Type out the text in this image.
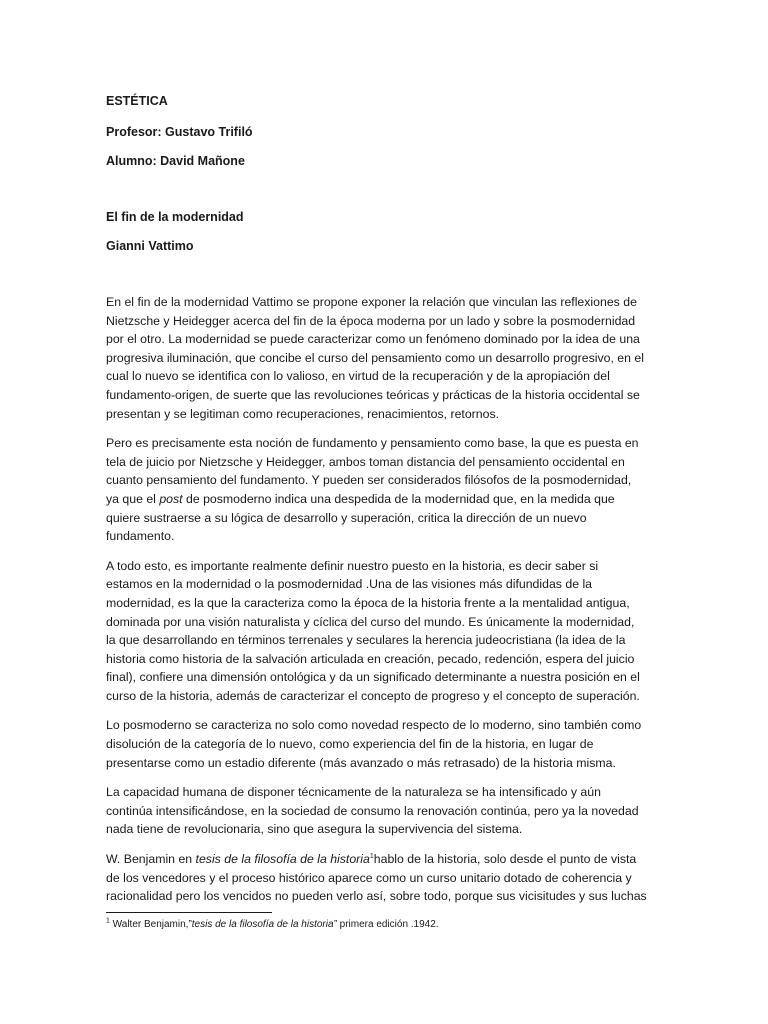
ESTÉTICA

Profesor: Gustavo Trifiló

Alumno: David Mañone

El fin de la modernidad

Gianni Vattimo

En el fin de la modernidad Vattimo se propone exponer la relación que vinculan las reflexiones de
Nietzsche y Heidegger acerca del fin de la época moderna por un lado y sobre la posmodernidad
por el otro. La modernidad se puede caracterizar como un fenómeno dominado por la idea de una
progresiva iluminación, que concibe el curso del pensamiento como un desarrollo progresivo, en el
cual lo nuevo se identifica con lo valioso, en virtud de la recuperación y de la apropiación del
fundamento-origen, de suerte que las revoluciones teóricas y prácticas de la historia occidental se
presentan y se legitiman como recuperaciones, renacimientos, retornos.

Pero es precisamente esta noción de fundamento y pensamiento como base, la que es puesta en
tela de juicio por Nietzsche y Heidegger, ambos toman distancia del pensamiento occidental en
cuanto pensamiento del fundamento. Y pueden ser considerados filósofos de la posmodernidad,
ya que el post de posmoderno indica una despedida de la modernidad que, en la medida que
quiere sustraerse a su lógica de desarrollo y superación, critica la dirección de un nuevo
fundamento.

A todo esto, es importante realmente definir nuestro puesto en la historia, es decir saber si
estamos en la modernidad o la posmodernidad .Una de las visiones más difundidas de la
modernidad, es la que la caracteriza como la época de la historia frente a la mentalidad antigua,
dominada por una visión naturalista y cíclica del curso del mundo. Es únicamente la modernidad,
la que desarrollando en términos terrenales y seculares la herencia judeocristiana (la idea de la
historia como historia de la salvación articulada en creación, pecado, redención, espera del juicio
final), confiere una dimensión ontológica y da un significado determinante a nuestra posición en el
curso de la historia, además de caracterizar el concepto de progreso y el concepto de superación.

Lo posmoderno se caracteriza no solo como novedad respecto de lo moderno, sino también como
disolución de la categoría de lo nuevo, como experiencia del fin de la historia, en lugar de
presentarse como un estadio diferente (más avanzado o más retrasado) de la historia misma.

La capacidad humana de disponer técnicamente de la naturaleza se ha intensificado y aún
continúa intensificándose, en la sociedad de consumo la renovación continúa, pero ya la novedad
nada tiene de revolucionaria, sino que asegura la supervivencia del sistema.

W. Benjamin en tesis de la filosofía de la historia$^1$hablo de la historia, solo desde el punto de vista
de los vencedores y el proceso histórico aparece como un curso unitario dotado de coherencia y
racionalidad pero los vencidos no pueden verlo así, sobre todo, porque sus vicisitudes y sus luchas

$^1$ Walter Benjamin,”tesis de la filosofía de la historia” primera edición .1942.
